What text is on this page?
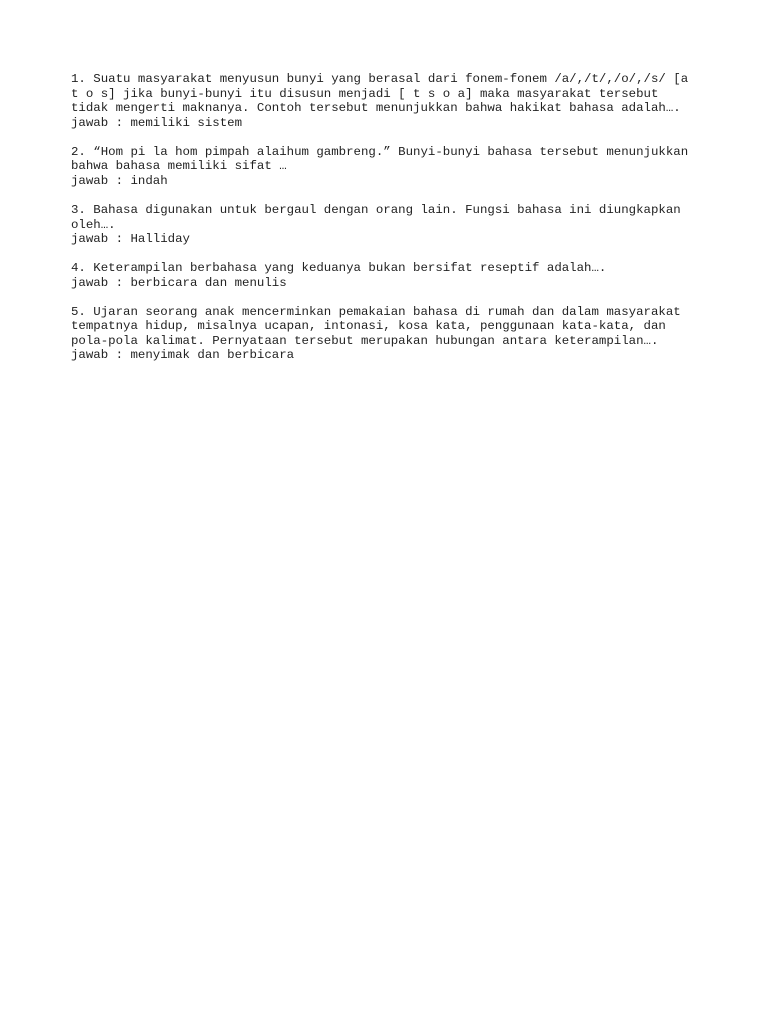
1. Suatu masyarakat menyusun bunyi yang berasal dari fonem-fonem /a/,/t/,/o/,/s/ [a
t o s] jika bunyi-bunyi itu disusun menjadi [ t s o a] maka masyarakat tersebut
tidak mengerti maknanya. Contoh tersebut menunjukkan bahwa hakikat bahasa adalah….
jawab : memiliki sistem
2. “Hom pi la hom pimpah alaihum gambreng.” Bunyi-bunyi bahasa tersebut menunjukkan
bahwa bahasa memiliki sifat …
jawab : indah
3. Bahasa digunakan untuk bergaul dengan orang lain. Fungsi bahasa ini diungkapkan
oleh….
jawab : Halliday
4. Keterampilan berbahasa yang keduanya bukan bersifat reseptif adalah….
jawab : berbicara dan menulis
5. Ujaran seorang anak mencerminkan pemakaian bahasa di rumah dan dalam masyarakat
tempatnya hidup, misalnya ucapan, intonasi, kosa kata, penggunaan kata-kata, dan
pola-pola kalimat. Pernyataan tersebut merupakan hubungan antara keterampilan….
jawab : menyimak dan berbicara
